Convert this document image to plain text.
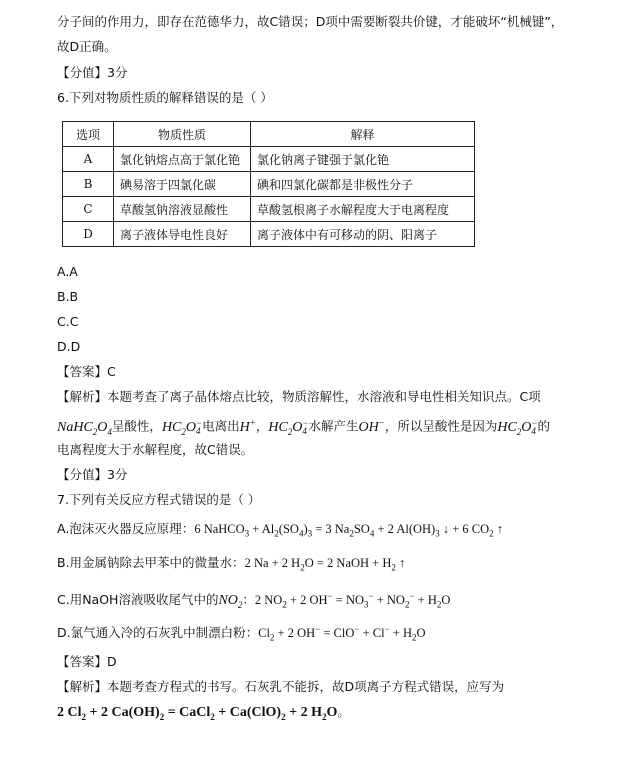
分子间的作用力，即存在范德华力，故C错误；D项中需要断裂共价键，才能破坏“机械键”，
故D正确。
【分值】3分
6.下列对物质性质的解释错误的是（ ）
选项	物质性质	解释
A	氯化钠熔点高于氯化铯	氯化钠离子键强于氯化铯
B	碘易溶于四氯化碳	碘和四氯化碳都是非极性分子
C	草酸氢钠溶液显酸性	草酸氢根离子水解程度大于电离程度
D	离子液体导电性良好	离子液体中有可移动的阴、阳离子
A.A
B.B
C.C
D.D
【答案】C
【解析】本题考查了离子晶体熔点比较，物质溶解性，水溶液和导电性相关知识点。C项
$NaHC_2O_4$呈酸性，$HC_2O$ −
4 电离出H+，$HC_2O$ −
4 水解产生OH−，所以呈酸性是因为$HC_2O$ −
4 的
电离程度大于水解程度，故C错误。
【分值】3分
7.下列有关反应方程式错误的是（ ）
A.泡沫灭火器反应原理：6 NaHCO$_3$ + $Al_2(SO_4)_3 = 3$ $Na_2SO_4 + 2$ $Al(OH)_3$ ↓ + 6 $CO_2$ ↑
B.用金属钠除去甲苯中的微量水：2 Na + 2 $H_2O = 2$ NaOH + $H_2$ ↑
C.用NaOH溶液吸收尾气中的$NO_2$：2 $NO_2 + 2$ $OH^- = NO_3^- + NO_2^- + H_2O$
D.氯气通入冷的石灰乳中制漂白粉：$Cl_2 + 2$ $OH^- = ClO^- + Cl^- + H_2O$
【答案】D
【解析】本题考查方程式的书写。石灰乳不能拆，故D项离子方程式错误，应写为
2 $Cl_2 + 2$ $Ca(OH)_2$ = CaCl$_2$ + $Ca(ClO)_2 + 2$ $H_2O$。
